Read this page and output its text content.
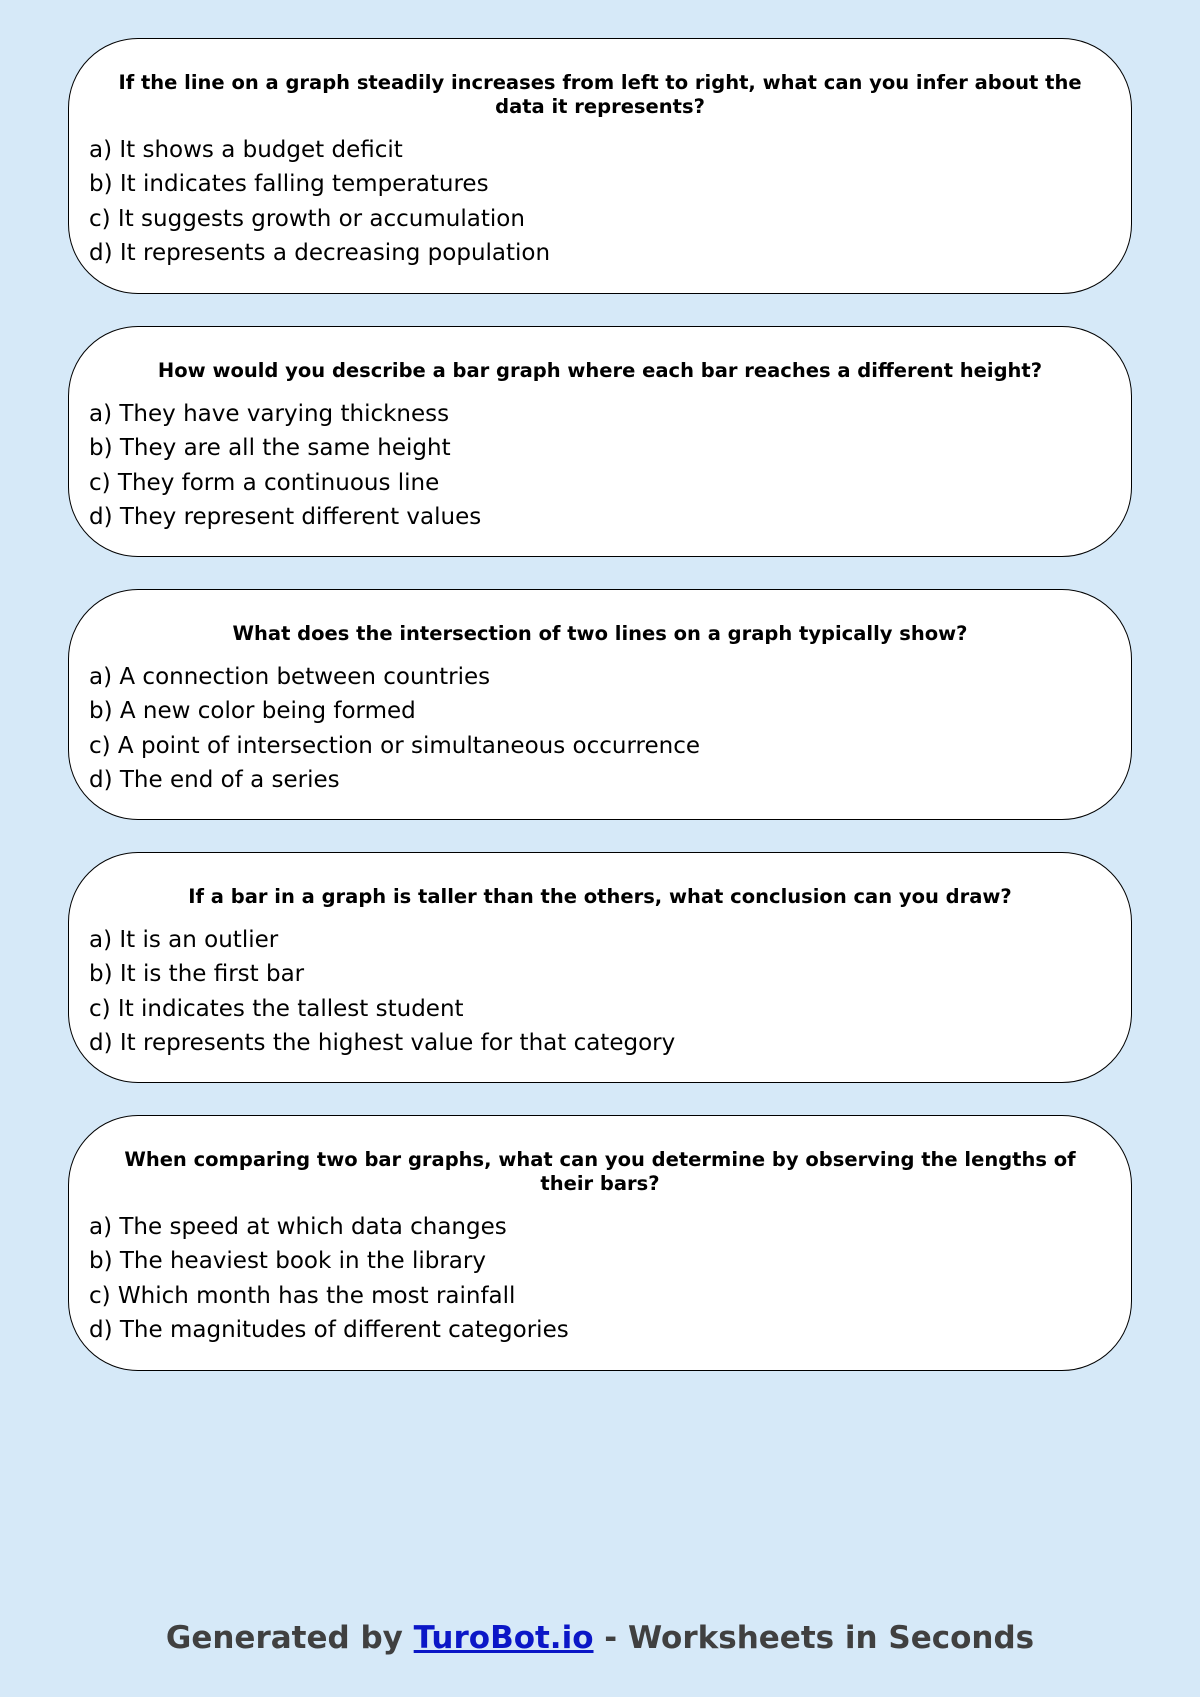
If the line on a graph steadily increases from left to right, what can you infer about the data it represents?

a) It shows a budget deficit
b) It indicates falling temperatures
c) It suggests growth or accumulation
d) It represents a decreasing population

How would you describe a bar graph where each bar reaches a different height?

a) They have varying thickness
b) They are all the same height
c) They form a continuous line
d) They represent different values

What does the intersection of two lines on a graph typically show?

a) A connection between countries
b) A new color being formed
c) A point of intersection or simultaneous occurrence
d) The end of a series

If a bar in a graph is taller than the others, what conclusion can you draw?

a) It is an outlier
b) It is the first bar
c) It indicates the tallest student
d) It represents the highest value for that category

When comparing two bar graphs, what can you determine by observing the lengths of their bars?

a) The speed at which data changes
b) The heaviest book in the library
c) Which month has the most rainfall
d) The magnitudes of different categories
Generated by TuroBot.io - Worksheets in Seconds
